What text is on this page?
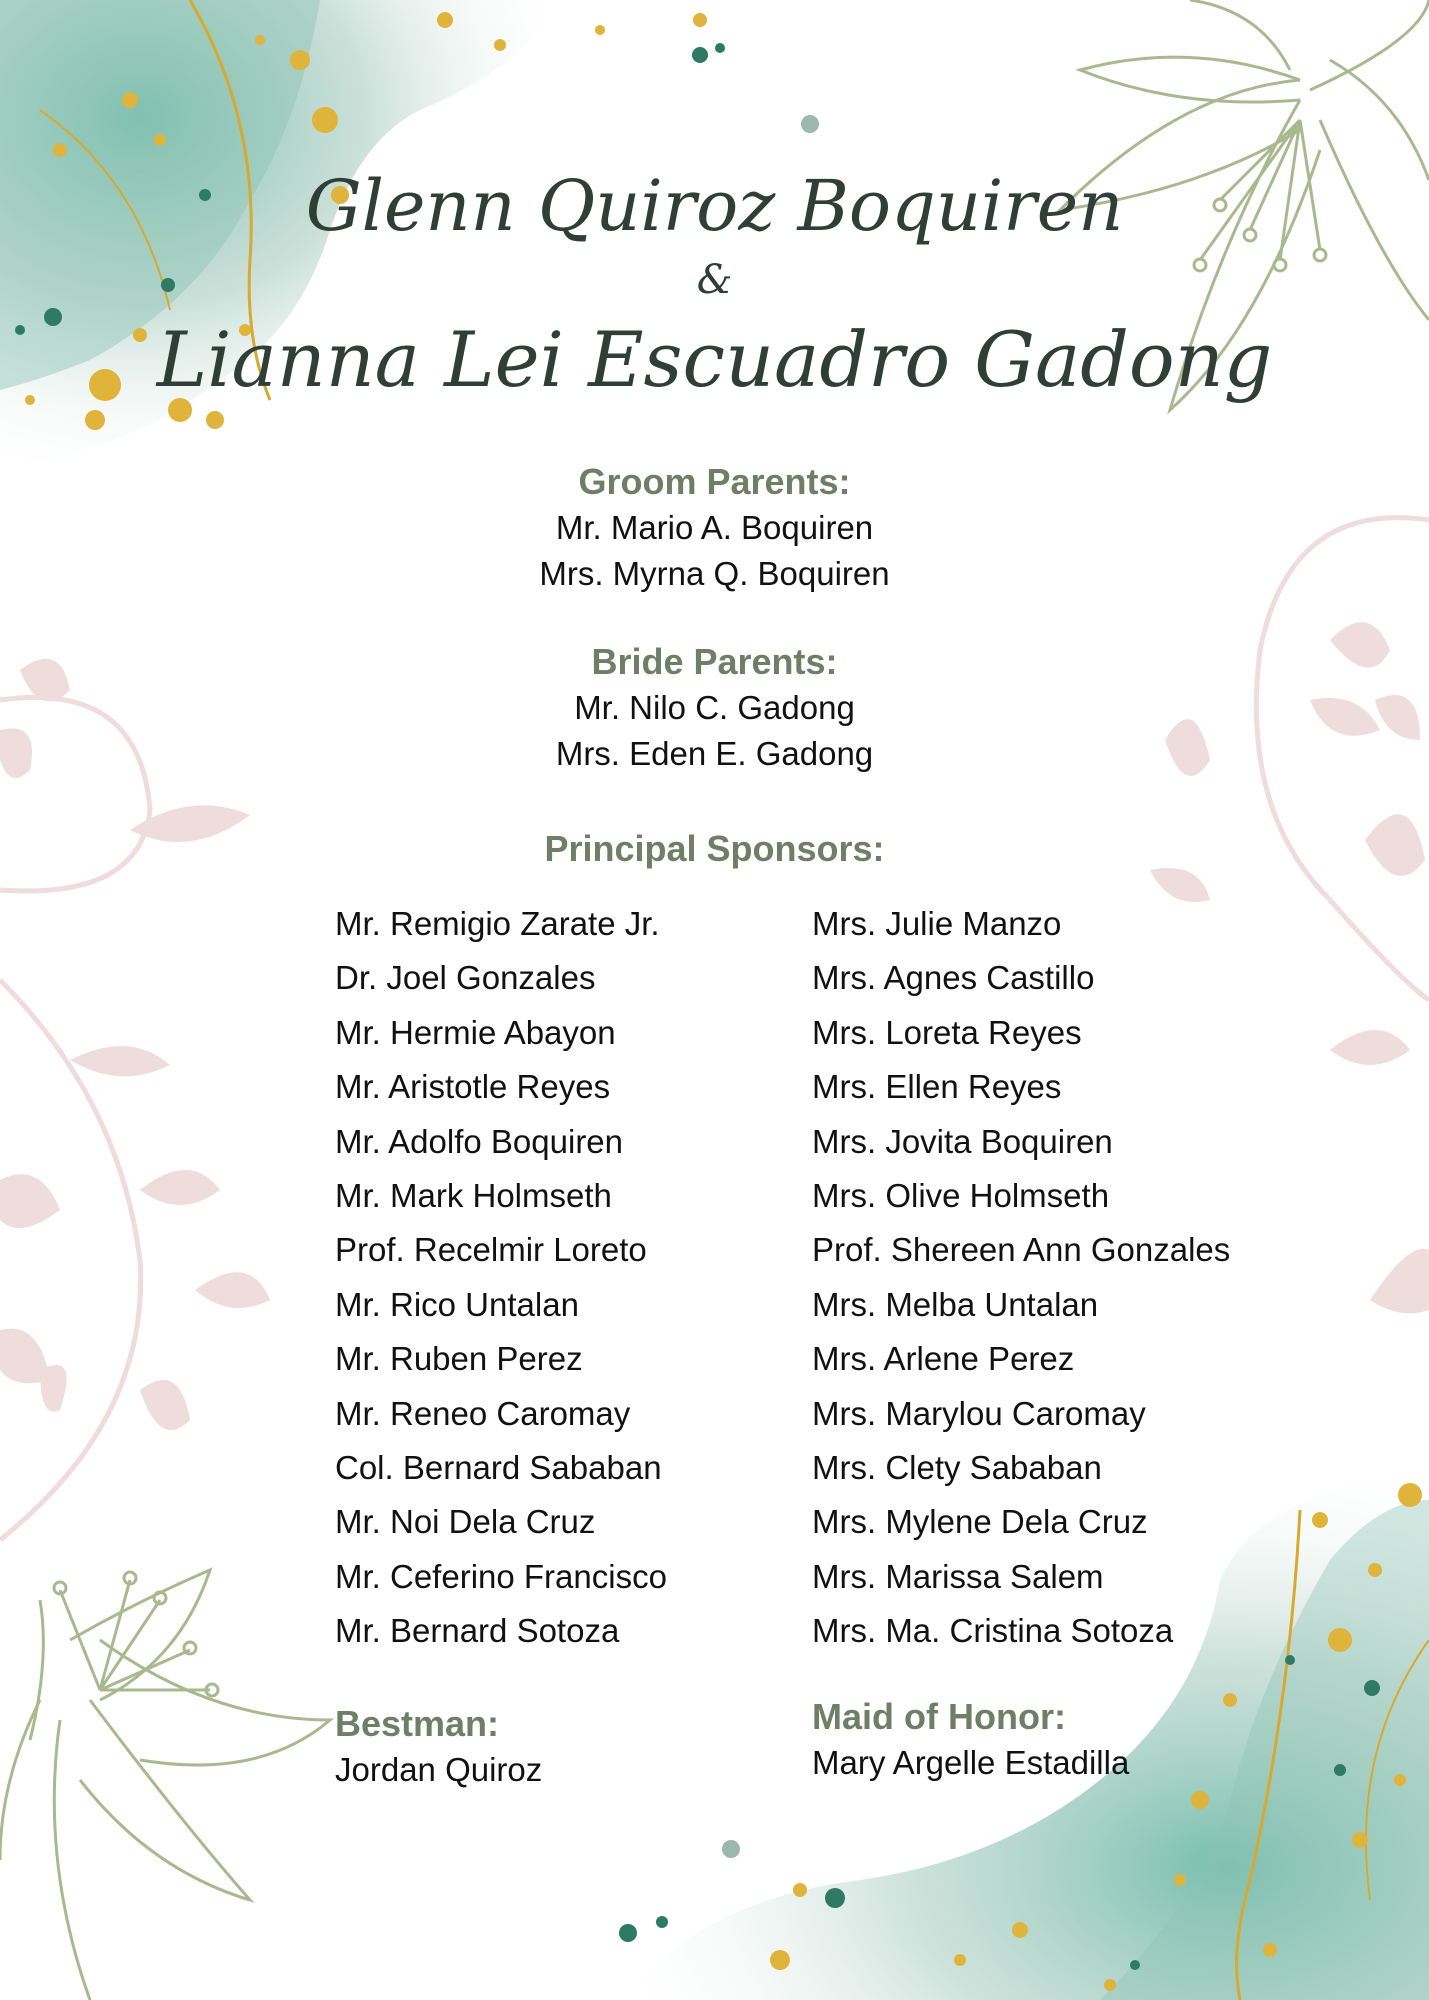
Glenn Quiroz Boquiren
&
Lianna Lei Escuadro Gadong
Groom Parents:
Mr. Mario A. Boquiren
Mrs. Myrna Q. Boquiren
Bride Parents:
Mr. Nilo C. Gadong
Mrs. Eden E. Gadong
Principal Sponsors:
Mr. Remigio Zarate Jr.
Dr. Joel Gonzales
Mr. Hermie Abayon
Mr. Aristotle Reyes
Mr. Adolfo Boquiren
Mr. Mark Holmseth
Prof. Recelmir Loreto
Mr. Rico Untalan
Mr. Ruben Perez
Mr. Reneo Caromay
Col. Bernard Sababan
Mr. Noi Dela Cruz
Mr. Ceferino Francisco
Mr. Bernard Sotoza
Mrs. Julie Manzo
Mrs. Agnes Castillo
Mrs. Loreta Reyes
Mrs. Ellen Reyes
Mrs. Jovita Boquiren
Mrs. Olive Holmseth
Prof. Shereen Ann Gonzales
Mrs. Melba Untalan
Mrs. Arlene Perez
Mrs. Marylou Caromay
Mrs. Clety Sababan
Mrs. Mylene Dela Cruz
Mrs. Marissa Salem
Mrs. Ma. Cristina Sotoza
Bestman:
Jordan Quiroz
Maid of Honor:
Mary Argelle Estadilla
